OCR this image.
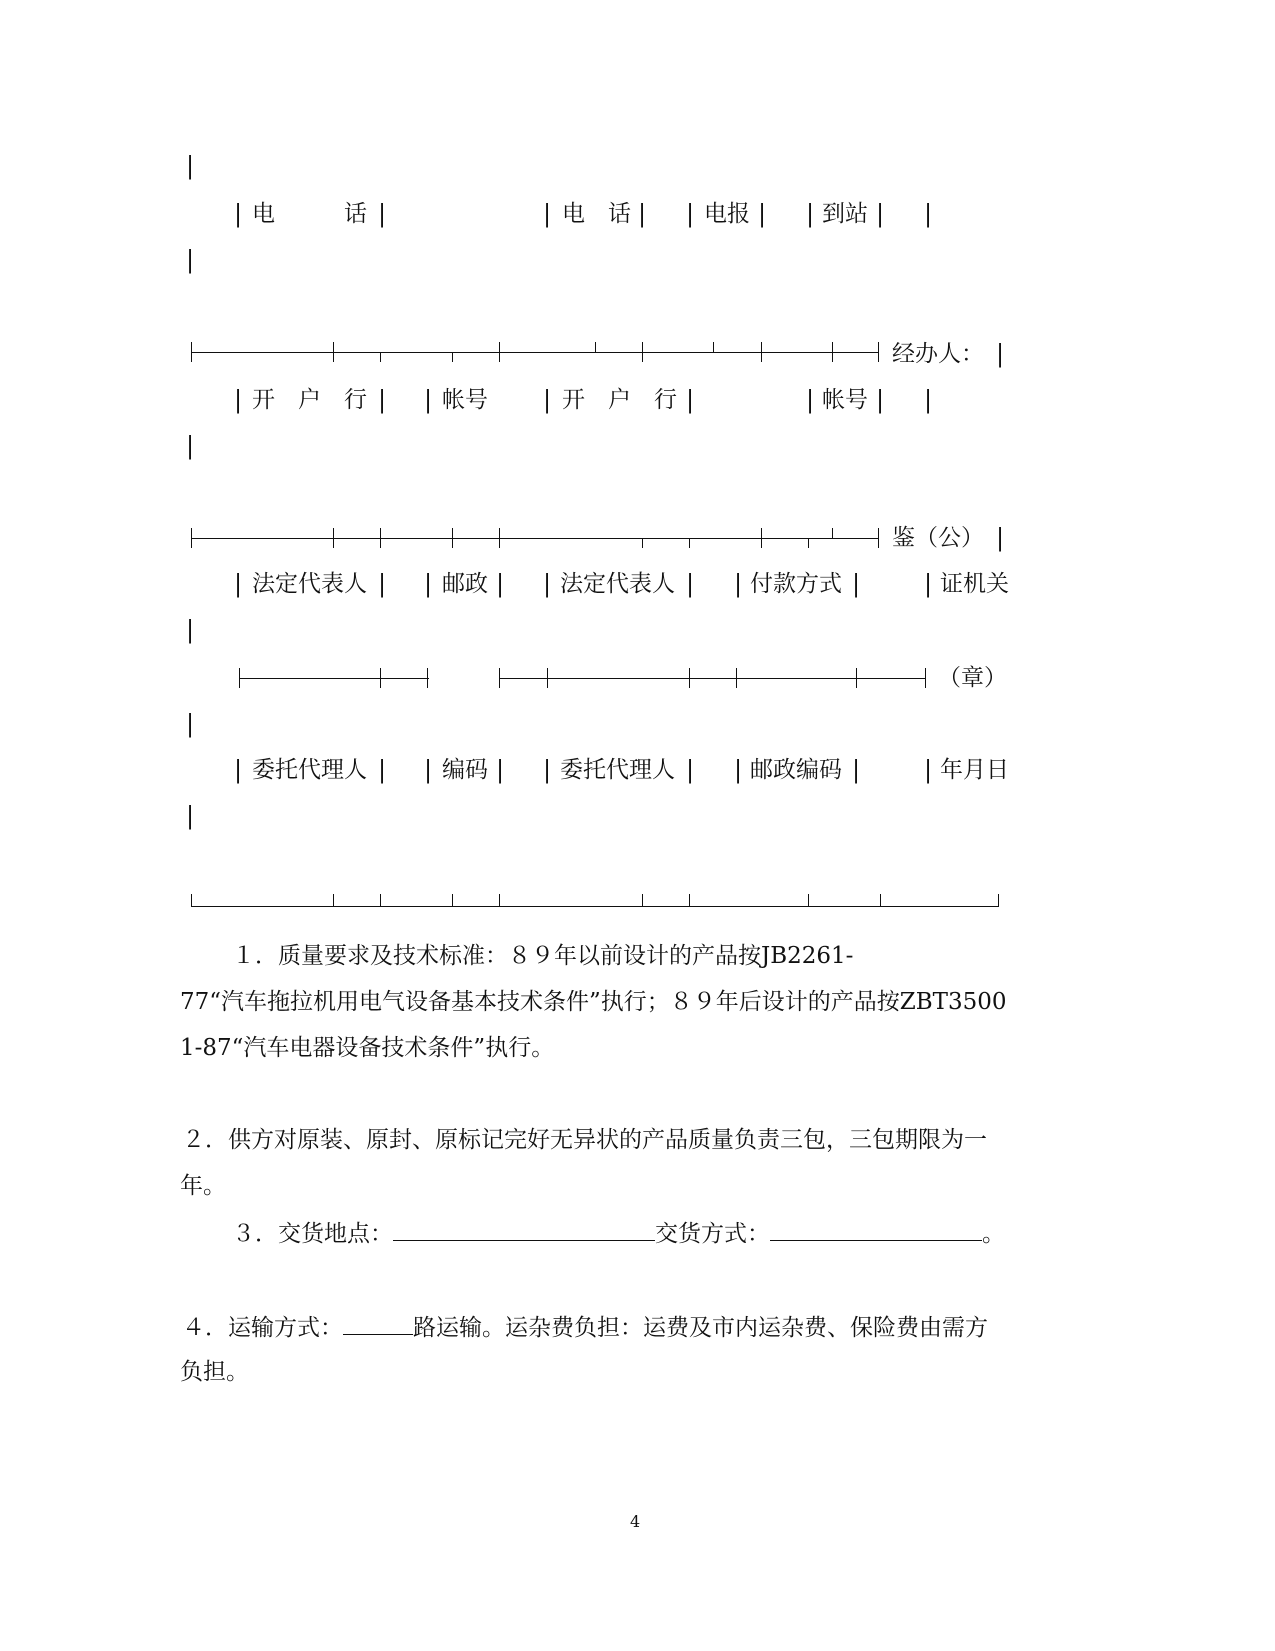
|
|
| 电　　　话 |	| 电　话 | | 电报 | | 到站 | |
经办人： |
| 开　户　行 | | 帐号 | 开　户　行 |	| 帐号 | |
|
鉴（公） |
| 法定代表人 | | 邮政 | | 法定代表人 | | 付款方式 |	| 证机关
|
（章）
|
| 委托代理人 | | 编码 | | 委托代理人 | | 邮政编码 |	| 年月日
|
１．质量要求及技术标准：８９年以前设计的产品按JB2261-
77“汽车拖拉机用电气设备基本技术条件”执行；８９年后设计的产品按ZBT3500
1-87“汽车电器设备技术条件”执行。
２．供方对原装、原封、原标记完好无异状的产品质量负责三包，三包期限为一
年。
３．交货地点：	交货方式：	。
４．运输方式：	路运输。运杂费负担：运费及市内运杂费、保险费由需方
负担。
4
